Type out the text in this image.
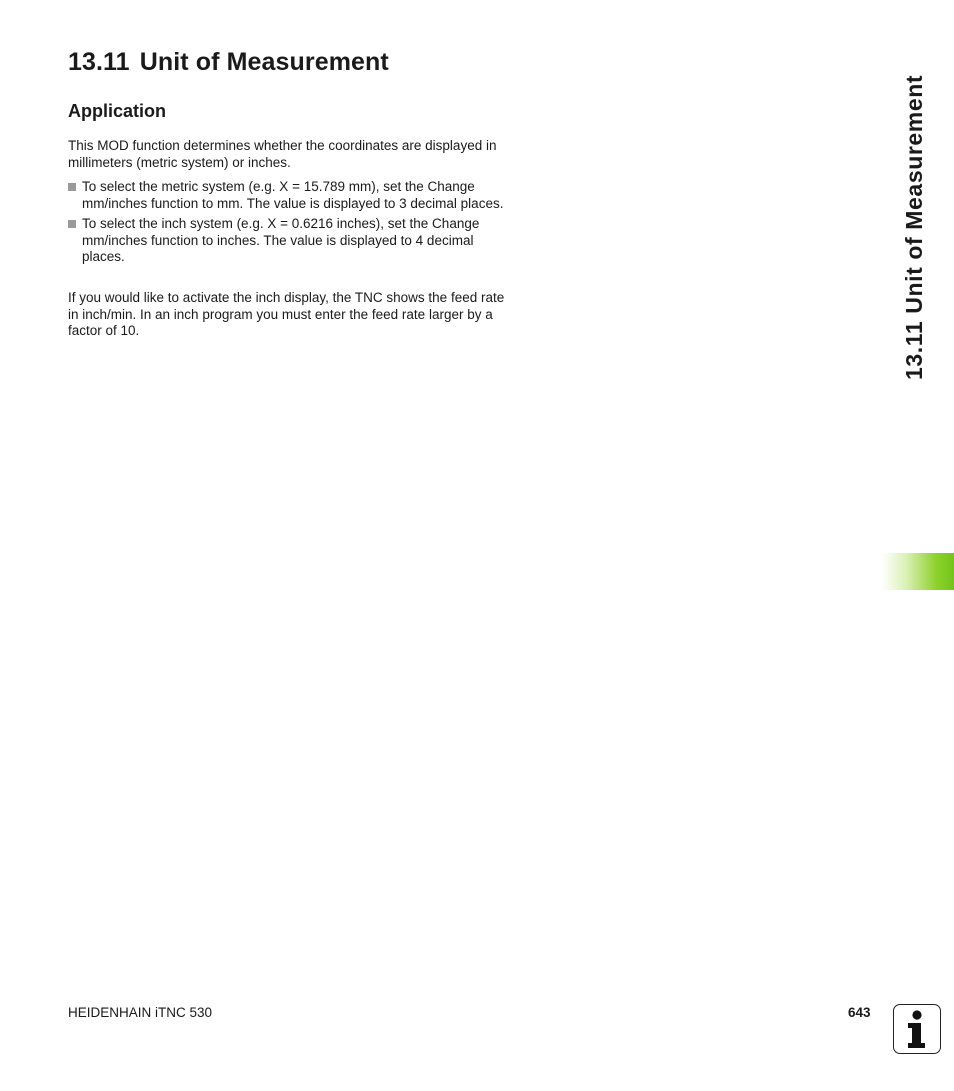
13.11 Unit of Measurement
Application

This MOD function determines whether the coordinates are displayed in millimeters (metric system) or inches.

To select the metric system (e.g. X = 15.789 mm), set the Change mm/inches function to mm. The value is displayed to 3 decimal places.
To select the inch system (e.g. X = 0.6216 inches), set the Change mm/inches function to inches. The value is displayed to 4 decimal places.

If you would like to activate the inch display, the TNC shows the feed rate in inch/min. In an inch program you must enter the feed rate larger by a factor of 10.	13.11 Unit of Measurement
HEIDENHAIN iTNC 530	643
